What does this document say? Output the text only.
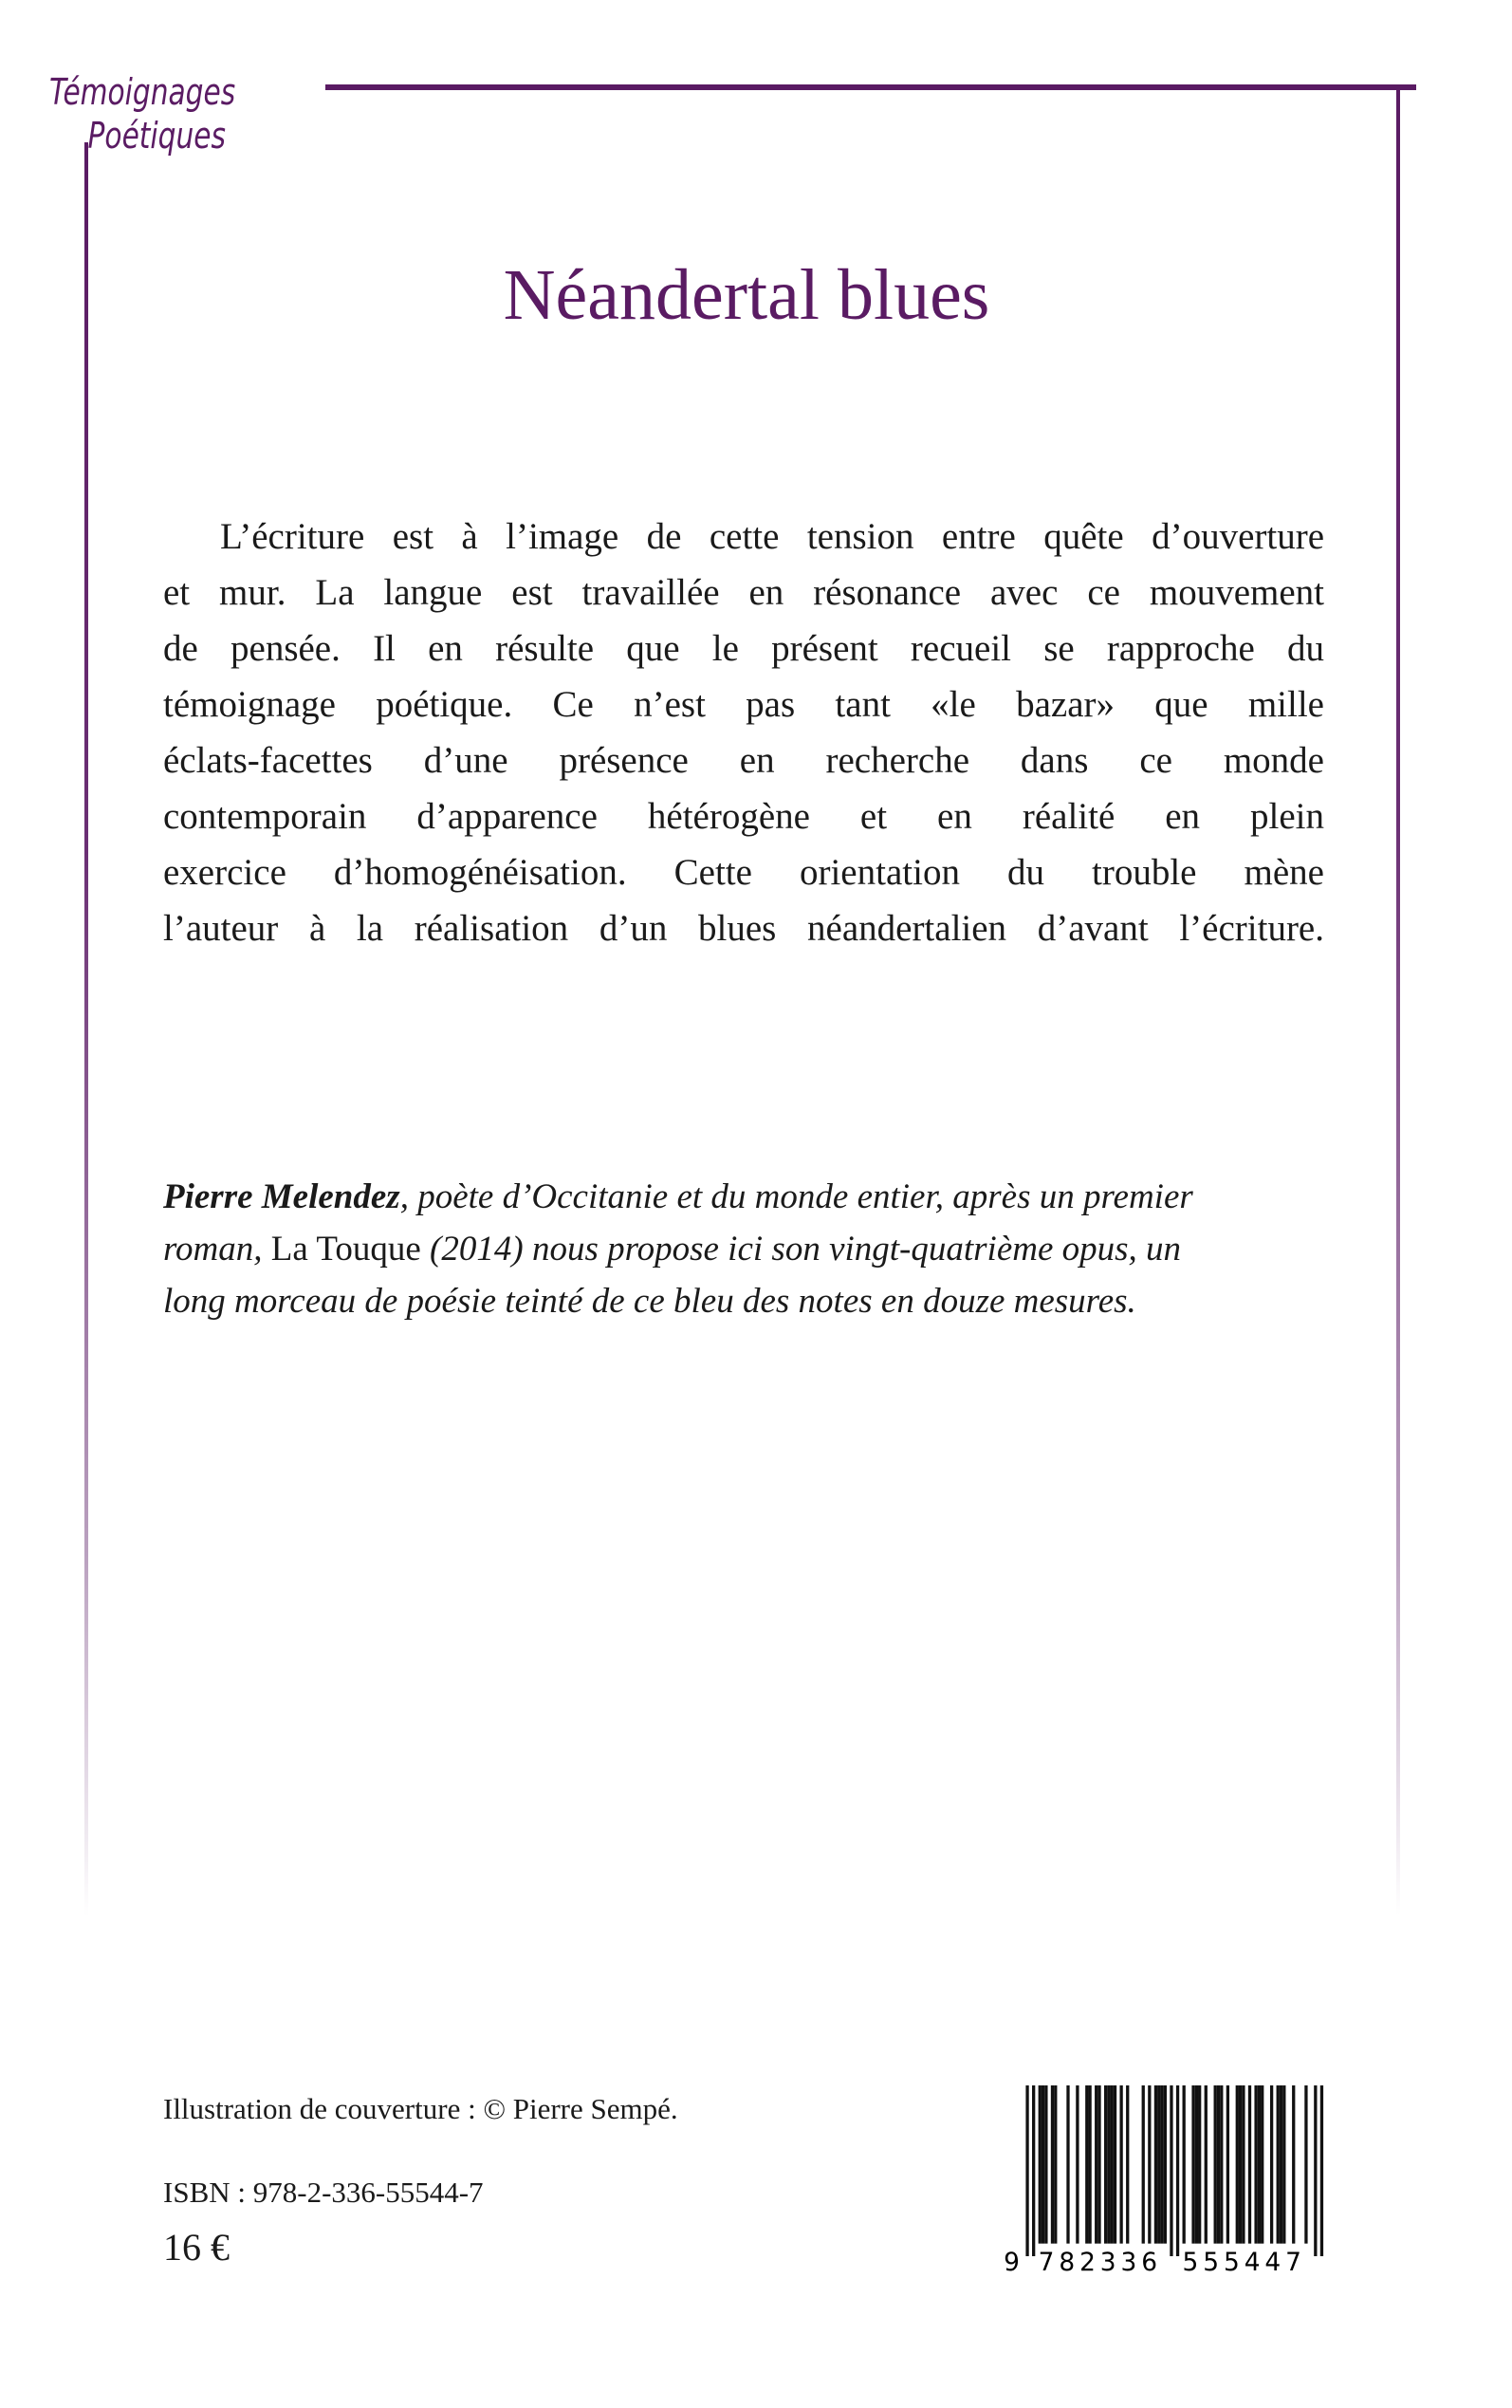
Témoignages
Poétiques
Néandertal blues
L’écriture est à l’image de cette tension entre quête d’ouverture
et mur. La langue est travaillée en résonance avec ce mouvement
de pensée. Il en résulte que le présent recueil se rapproche du
témoignage poétique. Ce n’est pas tant «le bazar» que mille
éclats-facettes d’une présence en recherche dans ce monde
contemporain d’apparence hétérogène et en réalité en plein
exercice d’homogénéisation. Cette orientation du trouble mène
l’auteur à la réalisation d’un blues néandertalien d’avant l’écriture.
Pierre Melendez, poète d’Occitanie et du monde entier, après un premier
roman, La Touque (2014) nous propose ici son vingt-quatrième opus, un
long morceau de poésie teinté de ce bleu des notes en douze mesures.
Illustration de couverture : © Pierre Sempé.
ISBN : 978-2-336-55544-7
16 €	9 782336	555447
